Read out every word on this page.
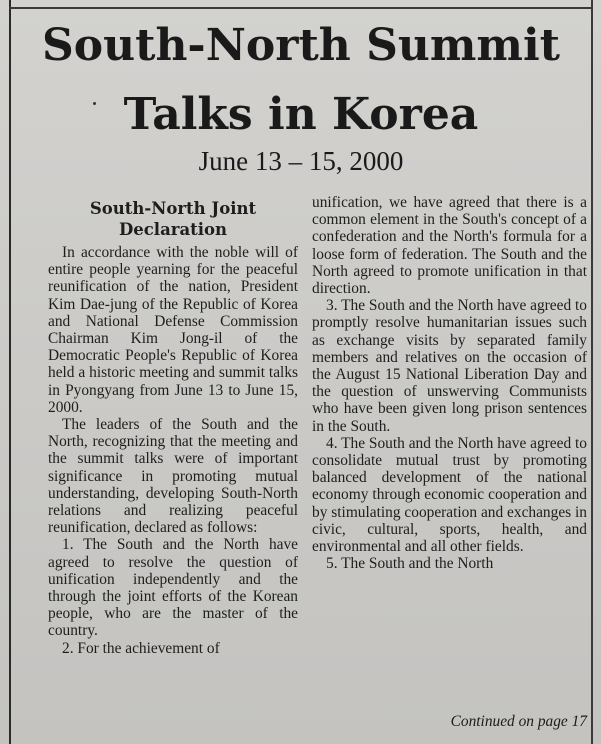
South-North Summit
Talks in Korea
June 13 – 15, 2000
South-North Joint Declaration

In accordance with the noble will of entire people yearning for the peaceful reunification of the nation, President Kim Dae-jung of the Republic of Korea and National Defense Commission Chairman Kim Jong-il of the Democratic People's Republic of Korea held a historic meeting and summit talks in Pyongyang from June 13 to June 15, 2000.

The leaders of the South and the North, recognizing that the meeting and the summit talks were of important significance in promoting mutual understanding, developing South-North relations and realizing peaceful reunification, declared as follows:

1. The South and the North have agreed to resolve the question of unification independently and the through the joint efforts of the Korean people, who are the master of the country.

2. For the achievement of

unification, we have agreed that there is a common element in the South's concept of a confederation and the North's formula for a loose form of federation. The South and the North agreed to promote unification in that direction.

3. The South and the North have agreed to promptly resolve humanitarian issues such as exchange visits by separated family members and relatives on the occasion of the August 15 National Liberation Day and the question of unswerving Communists who have been given long prison sentences in the South.

4. The South and the North have agreed to consolidate mutual trust by promoting balanced development of the national economy through economic cooperation and by stimulating cooperation and exchanges in civic, cultural, sports, health, and environmental and all other fields.

5. The South and the North

Continued on page 17
